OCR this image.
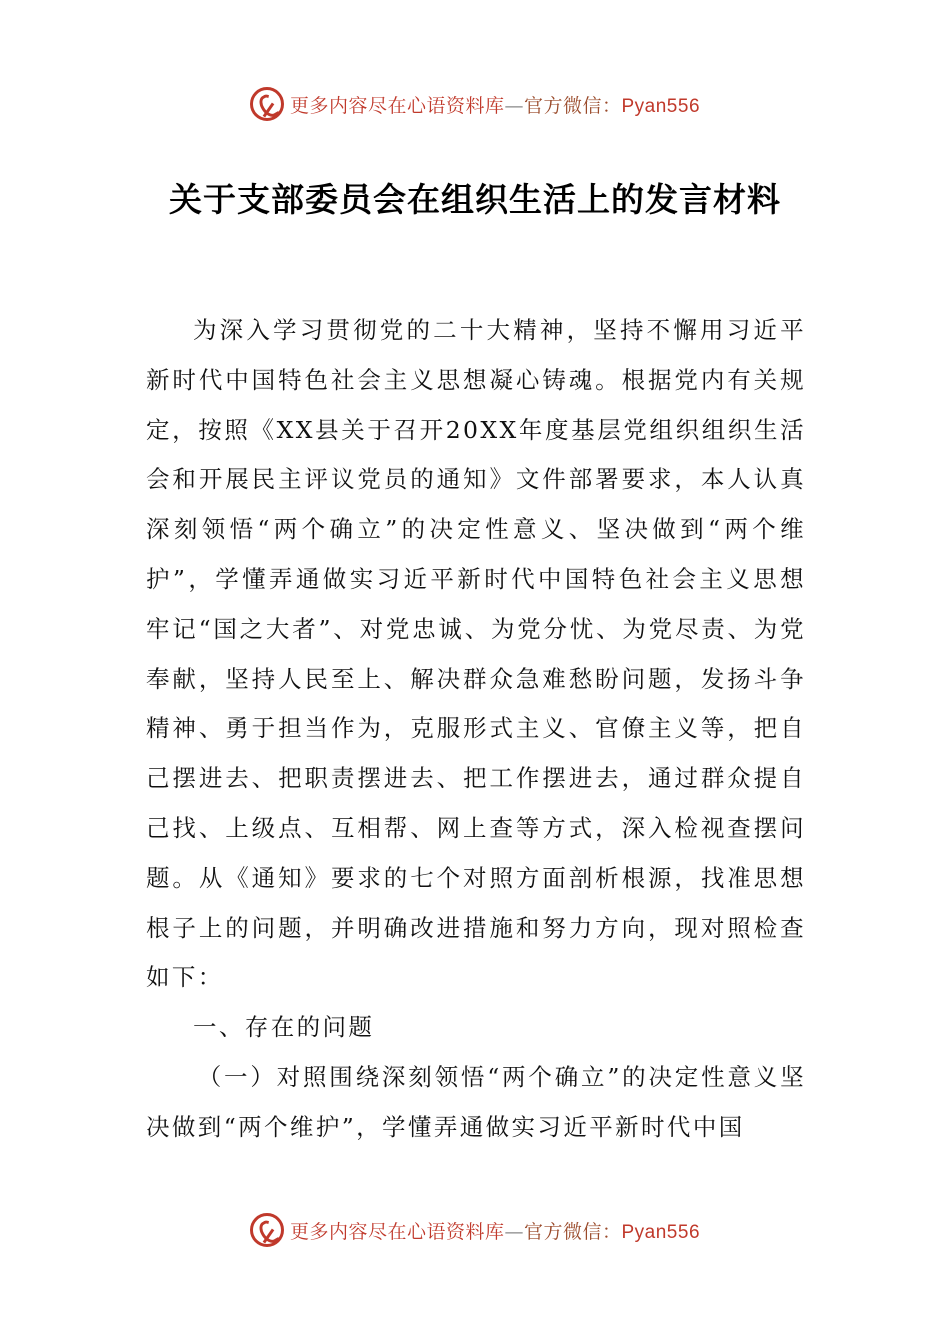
更多内容尽在心语资料库—官方微信：Pyan556
关于支部委员会在组织生活上的发言材料

为深入学习贯彻党的二十大精神，坚持不懈用习近平新时代中国特色社会主义思想凝心铸魂。根据党内有关规定，按照《XX县关于召开20XX年度基层党组织组织生活会和开展民主评议党员的通知》文件部署要求，本人认真深刻领悟“两个确立”的决定性意义、坚决做到“两个维护”，学懂弄通做实习近平新时代中国特色社会主义思想牢记“国之大者”、对党忠诚、为党分忧、为党尽责、为党奉献，坚持人民至上、解决群众急难愁盼问题，发扬斗争精神、勇于担当作为，克服形式主义、官僚主义等，把自己摆进去、把职责摆进去、把工作摆进去，通过群众提自己找、上级点、互相帮、网上查等方式，深入检视查摆问题。从《通知》要求的七个对照方面剖析根源，找准思想根子上的问题，并明确改进措施和努力方向，现对照检查如下：

一、存在的问题

（一）对照围绕深刻领悟“两个确立”的决定性意义坚决做到“两个维护”，学懂弄通做实习近平新时代中国

更多内容尽在心语资料库—官方微信：Pyan556
